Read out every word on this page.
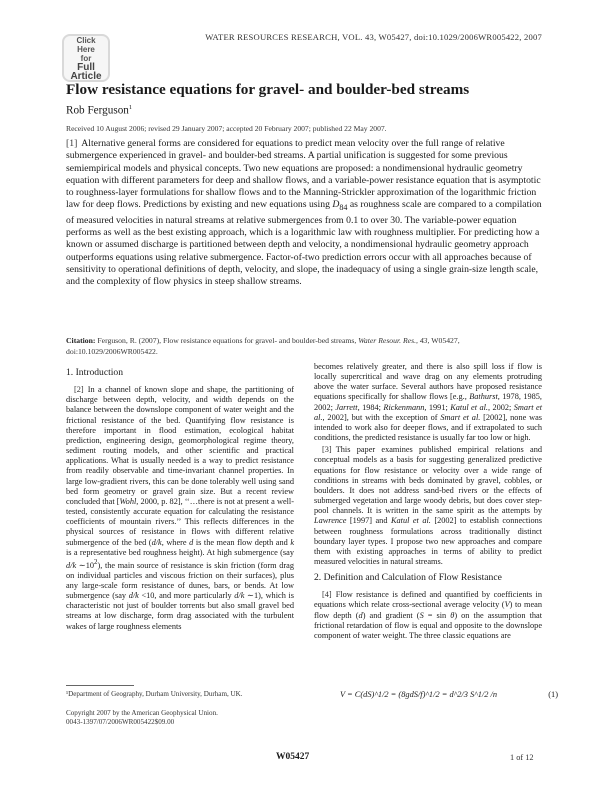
Click
Here
for
Full
Article
WATER RESOURCES RESEARCH, VOL. 43, W05427, doi:10.1029/2006WR005422, 2007
Flow resistance equations for gravel- and boulder-bed streams
Rob Ferguson$^1$
Received 10 August 2006; revised 29 January 2007; accepted 20 February 2007; published 22 May 2007.
[1] Alternative general forms are considered for equations to predict mean velocity over the full range of relative submergence experienced in gravel- and boulder-bed streams. A partial unification is suggested for some previous semiempirical models and physical concepts. Two new equations are proposed: a nondimensional hydraulic geometry equation with different parameters for deep and shallow flows, and a variable-power resistance equation that is asymptotic to roughness-layer formulations for shallow flows and to the Manning-Strickler approximation of the logarithmic friction law for deep flows. Predictions by existing and new equations using $D_{84}$ as roughness scale are compared to a compilation of measured velocities in natural streams at relative submergences from 0.1 to over 30. The variable-power equation performs as well as the best existing approach, which is a logarithmic law with roughness multiplier. For predicting how a known or assumed discharge is partitioned between depth and velocity, a nondimensional hydraulic geometry approach outperforms equations using relative submergence. Factor-of-two prediction errors occur with all approaches because of sensitivity to operational definitions of depth, velocity, and slope, the inadequacy of using a single grain-size length scale, and the complexity of flow physics in steep shallow streams.
Citation: Ferguson, R. (2007), Flow resistance equations for gravel- and boulder-bed streams, Water Resour. Res., 43, W05427, doi:10.1029/2006WR005422.
1. Introduction

[2] In a channel of known slope and shape, the partitioning of discharge between depth, velocity, and width depends on the balance between the downslope component of water weight and the frictional resistance of the bed. Quantifying flow resistance is therefore important in flood estimation, ecological habitat prediction, engineering design, geomorphological regime theory, sediment routing models, and other scientific and practical applications. What is usually needed is a way to predict resistance from readily observable and time-invariant channel properties. In large low-gradient rivers, this can be done tolerably well using sand bed form geometry or gravel grain size. But a recent review concluded that [Wohl, 2000, p. 82], ‘‘…there is not at present a well-tested, consistently accurate equation for calculating the resistance coefficients of mountain rivers.’’ This reflects differences in the physical sources of resistance in flows with different relative submergence of the bed (d/k, where d is the mean flow depth and k is a representative bed roughness height). At high submergence (say d/k $\sim 10^2$), the main source of resistance is skin friction (form drag on individual particles and viscous friction on their surfaces), plus any large-scale form resistance of dunes, bars, or bends. At low submergence (say d/k <10, and more particularly d/k ∼1), which is characteristic not just of boulder torrents but also small gravel bed streams at low discharge, form drag associated with the turbulent wakes of large roughness elements

becomes relatively greater, and there is also spill loss if flow is locally supercritical and wave drag on any elements protruding above the water surface. Several authors have proposed resistance equations specifically for shallow flows [e.g., Bathurst, 1978, 1985, 2002; Jarrett, 1984; Rickenmann, 1991; Katul et al., 2002; Smart et al., 2002], but with the exception of Smart et al. [2002], none was intended to work also for deeper flows, and if extrapolated to such conditions, the predicted resistance is usually far too low or high.

[3] This paper examines published empirical relations and conceptual models as a basis for suggesting generalized predictive equations for flow resistance or velocity over a wide range of conditions in streams with beds dominated by gravel, cobbles, or boulders. It does not address sand-bed rivers or the effects of submerged vegetation and large woody debris, but does cover step-pool channels. It is written in the same spirit as the attempts by Lawrence [1997] and Katul et al. [2002] to establish connections between roughness formulations across traditionally distinct boundary layer types. I propose two new approaches and compare them with existing approaches in terms of ability to predict measured velocities in natural streams.

2. Definition and Calculation of Flow Resistance

[4] Flow resistance is defined and quantified by coefficients in equations which relate cross-sectional average velocity (V) to mean flow depth (d) and gradient (S = sin θ) on the assumption that frictional retardation of flow is equal and opposite to the downslope component of water weight. The three classic equations are

V = C(dS)^1/2 = (8gdS/f)^1/2 = d^2/3 S^1/2 /n	(1)
¹Department of Geography, Durham University, Durham, UK.
Copyright 2007 by the American Geophysical Union.
0043-1397/07/2006WR005422$09.00
W05427	1 of 12
